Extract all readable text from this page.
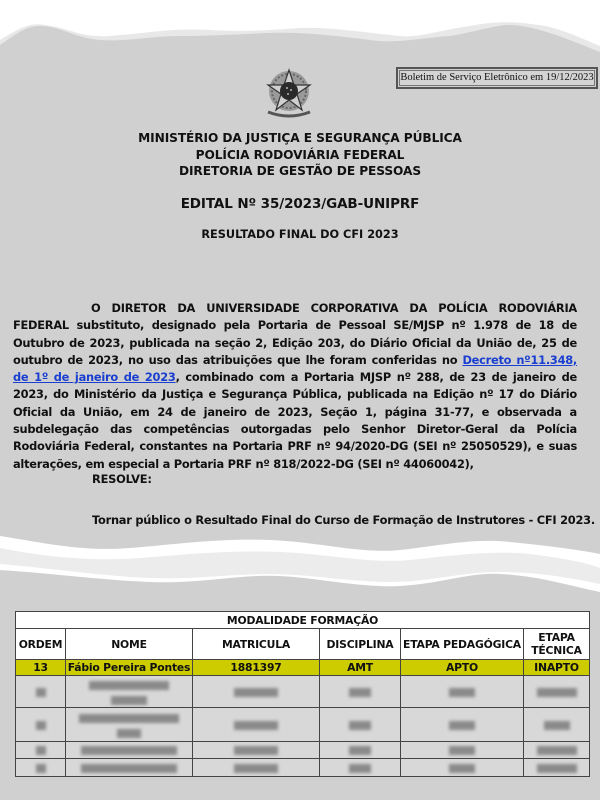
Boletim de Serviço Eletrônico em 19/12/2023
MINISTÉRIO DA JUSTIÇA E SEGURANÇA PÚBLICA
POLÍCIA RODOVIÁRIA FEDERAL
DIRETORIA DE GESTÃO DE PESSOAS
EDITAL Nº 35/2023/GAB-UNIPRF
RESULTADO FINAL DO CFI 2023
O DIRETOR DA UNIVERSIDADE CORPORATIVA DA POLÍCIA RODOVIÁRIA FEDERAL substituto, designado pela Portaria de Pessoal SE/MJSP nº 1.978 de 18 de Outubro de 2023, publicada na seção 2, Edição 203, do Diário Oficial da União de, 25 de outubro de 2023, no uso das atribuições que lhe foram conferidas no Decreto nº11.348, de 1º de janeiro de 2023, combinado com a Portaria MJSP nº 288, de 23 de janeiro de 2023, do Ministério da Justiça e Segurança Pública, publicada na Edição nº 17 do Diário Oficial da União, em 24 de janeiro de 2023, Seção 1, página 31-77, e observada a subdelegação das competências outorgadas pelo Senhor Diretor-Geral da Polícia Rodoviária Federal, constantes na Portaria PRF nº 94/2020-DG (SEI nº 25050529), e suas alterações, em especial a Portaria PRF nº 818/2022-DG (SEI nº 44060042),
RESOLVE:
Tornar público o Resultado Final do Curso de Formação de Instrutores - CFI 2023.
MODALIDADE FORMAÇÃO					
ORDEM	NOME	MATRICULA	DISCIPLINA	ETAPA PEDAGÓGICA	ETAPA TÉCNICA
13	Fábio Pereira Pontes	1881397	AMT	APTO	INAPTO
